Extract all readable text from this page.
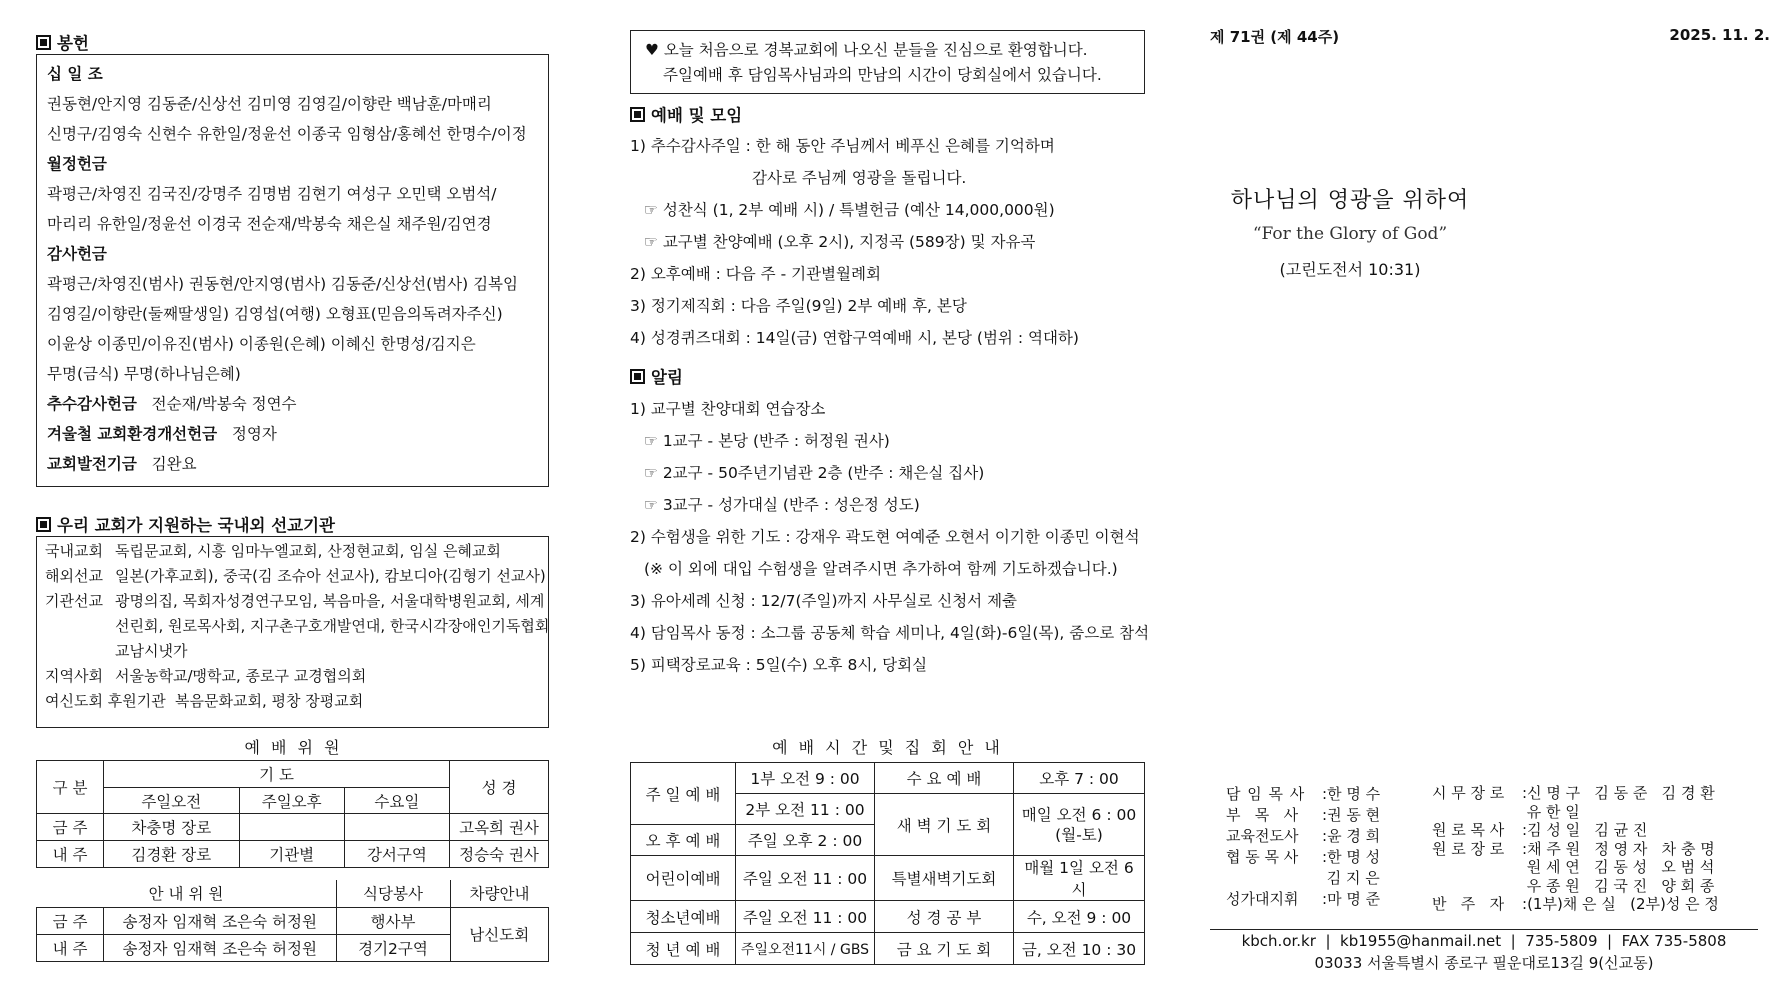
봉헌
십 일 조
권동현/안지영 김동준/신상선 김미영 김영길/이향란 백남훈/마매리
신명구/김영숙 신현수 유한일/정윤선 이종국 임형삼/홍혜선 한명수/이정
월정헌금
곽평근/차영진 김국진/강명주 김명범 김현기 여성구 오민택 오범석/
마리리 유한일/정윤선 이경국 전순재/박봉숙 채은실 채주원/김연경
감사헌금
곽평근/차영진(범사) 권동현/안지영(범사) 김동준/신상선(범사) 김복임
김영길/이향란(둘째딸생일) 김영섭(여행) 오형표(믿음의독려자주신)
이윤상 이종민/이유진(범사) 이종원(은혜) 이혜신 한명성/김지은
무명(금식) 무명(하나님은혜)
추수감사헌금 전순재/박봉숙 정연수
겨울철 교회환경개선헌금 정영자
교회발전기금 김완요
우리 교회가 지원하는 국내외 선교기관
국내교회 독립문교회, 시흥 임마누엘교회, 산정현교회, 임실 은혜교회
해외선교 일본(가후교회), 중국(김 조슈아 선교사), 캄보디아(김형기 선교사)
기관선교 광명의집, 목회자성경연구모임, 복음마을, 서울대학병원교회, 세계
선린회, 원로목사회, 지구촌구호개발연대, 한국시각장애인기독협회
교남시냇가
지역사회 서울농학교/맹학교, 종로구 교경협의회
여신도회 후원기관 복음문화교회, 평창 장평교회
예 배 위 원
구 분	기 도			성 경
	주일오전	주일오후	수요일	
금 주	차충명 장로			고옥희 권사
내 주	김경환 장로	기관별	강서구역	정승숙 권사
안 내 위 원		식당봉사	차량안내
금 주	송정자 임재혁 조은숙 허정원	행사부	남신도회
내 주	송정자 임재혁 조은숙 허정원	경기2구역	
♥ 오늘 처음으로 경복교회에 나오신 분들을 진심으로 환영합니다.
주일예배 후 담임목사님과의 만남의 시간이 당회실에서 있습니다.
예배 및 모임
1) 추수감사주일 : 한 해 동안 주님께서 베푸신 은혜를 기억하며
감사로 주님께 영광을 돌립니다.
☞ 성찬식 (1, 2부 예배 시) / 특별헌금 (예산 14,000,000원)
☞ 교구별 찬양예배 (오후 2시), 지정곡 (589장) 및 자유곡
2) 오후예배 : 다음 주 - 기관별월례회
3) 정기제직회 : 다음 주일(9일) 2부 예배 후, 본당
4) 성경퀴즈대회 : 14일(금) 연합구역예배 시, 본당 (범위 : 역대하)
알림
1) 교구별 찬양대회 연습장소
☞ 1교구 - 본당 (반주 : 허정원 권사)
☞ 2교구 - 50주년기념관 2층 (반주 : 채은실 집사)
☞ 3교구 - 성가대실 (반주 : 성은정 성도)
2) 수험생을 위한 기도 : 강재우 곽도현 여예준 오현서 이기한 이종민 이현석
(※ 이 외에 대입 수험생을 알려주시면 추가하여 함께 기도하겠습니다.)
3) 유아세례 신청 : 12/7(주일)까지 사무실로 신청서 제출
4) 담임목사 동정 : 소그룹 공동체 학습 세미나, 4일(화)-6일(목), 줌으로 참석
5) 피택장로교육 : 5일(수) 오후 8시, 당회실
예 배 시 간 및 집 회 안 내
주 일 예 배	1부 오전 9 : 00	수 요 예 배	오후 7 : 00
	2부 오전 11 : 00	새 벽 기 도 회	매일 오전 6 : 00
(월-토)

오 후 예 배	주일 오후 2 : 00		
어린이예배	주일 오전 11 : 00	특별새벽기도회	매월 1일 오전 6시
청소년예배	주일 오전 11 : 00	성 경 공 부	수, 오전 9 : 00
청 년 예 배	주일오전11시 / GBS	금 요 기 도 회	금, 오전 10 : 30
제 71권 (제 44주)	2025. 11. 2.
하나님의 영광을 위하여
“For the Glory of God”
(고린도전서 10:31)
담 임 목 사 :한 명 수
부   목   사 :권 동 현
교육전도사 :윤 경 희
협 동 목 사 :한 명 성
김 지 은
성가대지휘 :마 명 준
시 무 장 로 :신 명 구   김 동 준   김 경 환
유 한 일
원 로 목 사 :김 성 일   김 균 진
원 로 장 로 :채 주 원   정 영 자   차 충 명
원 세 연   김 동 성   오 범 석
우 종 원   김 국 진   양 회 종
반   주   자 :(1부)채 은 실   (2부)성 은 정
kbch.or.kr  |  kb1955@hanmail.net  |  735-5809  |  FAX 735-5808
03033 서울특별시 종로구 필운대로13길 9(신교동)
